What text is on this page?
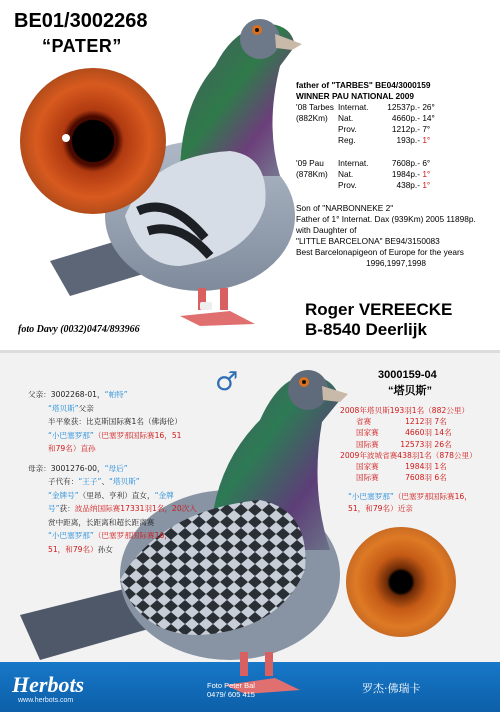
BE01/3002268
“PATER”
father of "TARBES" BE04/3000159
WINNER PAU NATIONAL 2009
'08 Tarbes Internat. 12537p.- 26°
(882Km) Nat.	4660p.- 14°
Prov.	1212p.- 7°
Reg.	193p.- 1°
'09 Pau Internat.	7608p.- 6°
(878Km) Nat.	1984p.- 1°
Prov.	438p.- 1°
Son of "NARBONNEKE 2"
Father of 1° Internat. Dax (939Km) 2005 11898p.
with Daughter of
"LITTLE BARCELONA" BE94/3150083
Best Barcelonapigeon of Europe for the years
1996,1997,1998
Roger VEREECKE
B-8540 Deerlijk
foto Davy (0032)0474/893966
♂	3000159-04
“塔贝斯”
父亲：3002268-01，“帕特”
“塔贝斯”父亲
半平象获：比克斯国际赛1名（佛海伦）
“小巴塞罗那”（巴塞罗那国际赛16，51
和79名）直孙
母亲：3001276-00，“母后”
子代有：“王子”、“塔贝斯”
“金牌号”（里昂、亨利）直女，“金牌
号”获：波品纳国际赛17331羽1名，20次入
赏中距离，长距离和超长距离赛
“小巴塞罗那”（巴塞罗那国际赛16，
51，和79名）孙女
2008年塔贝斯193羽1名（882公里）
省赛	1212羽 7名
国家赛	4660羽 14名
国际赛	12573羽 26名
2009年波城省赛438羽1名（878公里）
国家赛	1984羽 1名
国际赛	7608羽 6名
“小巴塞罗那”（巴塞罗那国际赛16，
51，和79名）近亲
Herbots
www.herbots.com
Foto Peter Bal
0479/ 605 415	罗杰·佛瑞卡
